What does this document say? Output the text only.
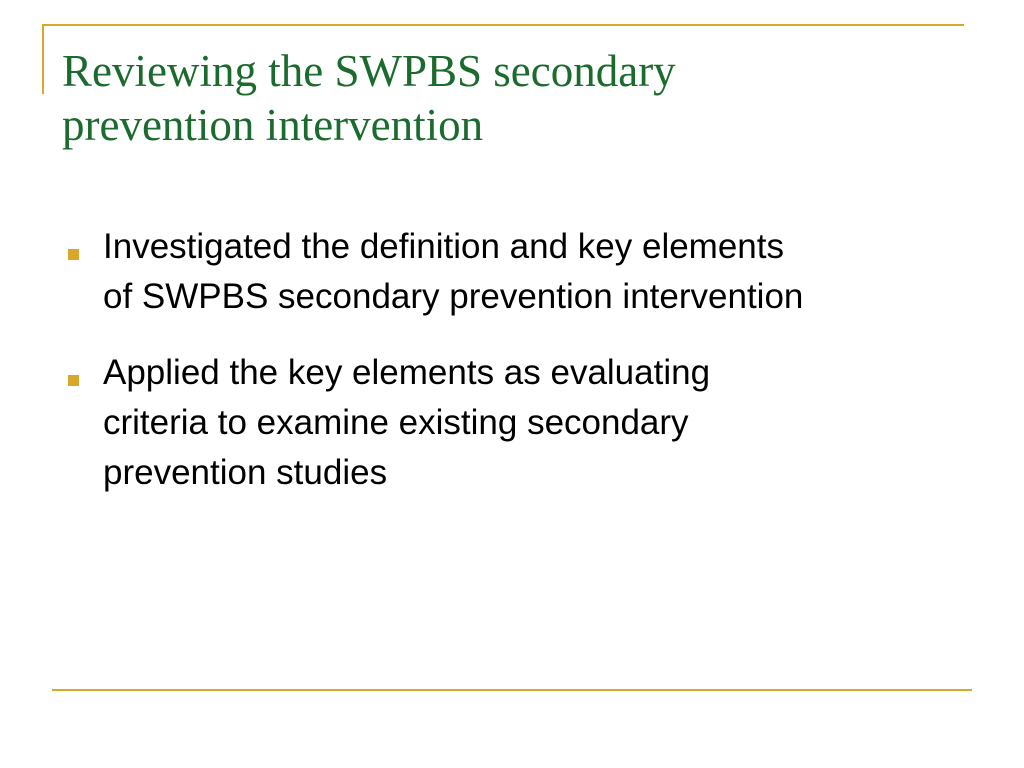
Reviewing the SWPBS secondary
prevention intervention
Investigated the definition and key elements
of SWPBS secondary prevention intervention
Applied the key elements as evaluating
criteria to examine existing secondary
prevention studies
